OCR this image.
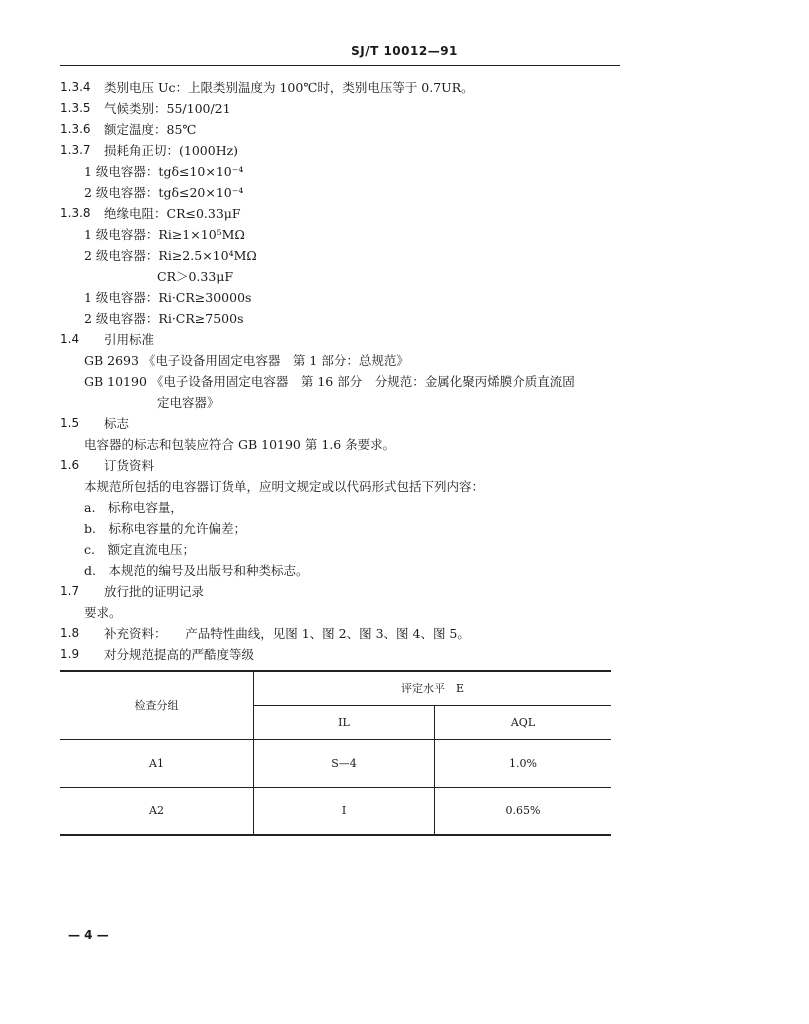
SJ/T 10012—91
1.3.4 类别电压 Uc：上限类别温度为 100℃时，类别电压等于 0.7UR。
1.3.5 气候类别：55/100/21
1.3.6 额定温度：85℃
1.3.7 损耗角正切：(1000Hz)
1 级电容器：tgδ≤10×10⁻⁴
2 级电容器：tgδ≤20×10⁻⁴
1.3.8 绝缘电阻：CR≤0.33μF
1 级电容器：Ri≥1×10⁵MΩ
2 级电容器：Ri≥2.5×10⁴MΩ
CR＞0.33μF
1 级电容器：Ri·CR≥30000s
2 级电容器：Ri·CR≥7500s
1.4 引用标准
GB 2693 《电子设备用固定电容器　第 1 部分：总规范》
GB 10190 《电子设备用固定电容器　第 16 部分　分规范：金属化聚丙烯膜介质直流固
定电容器》
1.5 标志
电容器的标志和包装应符合 GB 10190 第 1.6 条要求。
1.6 订货资料
本规范所包括的电容器订货单，应明文规定或以代码形式包括下列内容：
a.　标称电容量，
b.　标称电容量的允许偏差；
c.　额定直流电压；
d.　本规范的编号及出版号和种类标志。
1.7 放行批的证明记录
要求。
1.8 补充资料：　　产品特性曲线，见图 1、图 2、图 3、图 4、图 5。
1.9 对分规范提高的严酷度等级
检查分组	评定水平　E	
	IL	AQL
A1	S—4	1.0%
A2	I	0.65%
— 4 —
